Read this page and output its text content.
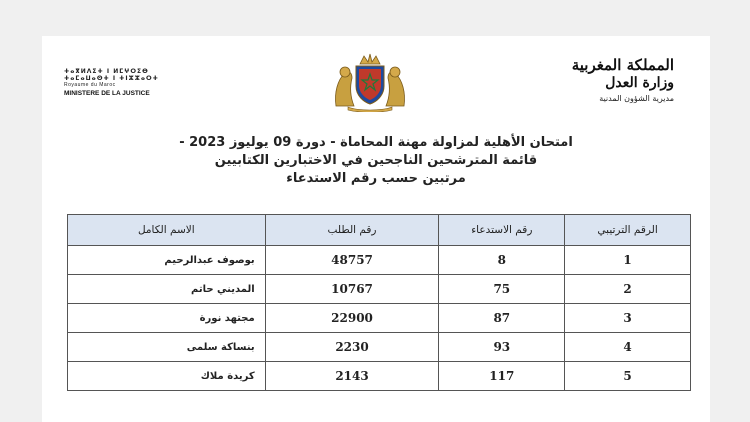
ⵜⴰⴳⵍⴷⵉⵜ ⵏ ⵍⵎⵖⵔⵉⴱ
ⵜⴰⵎⴰⵡⴰⵙⵜ ⵏ ⵜⵏⵣⵣⴰⵔⵜ
Royaume du Maroc
MINISTERE DE LA JUSTICE
المملكة المغربية
وزارة العدل
مديرية الشؤون المدنية
امتحان الأهلية لمزاولة مهنة المحاماة - دورة 09 يوليوز 2023 -
قائمة المترشحين الناجحين في الاختبارين الكتابيين
مرتبين حسب رقم الاستدعاء
الرقم الترتيبي	رقم الاستدعاء	رقم الطلب	الاسم الكامل
1	8	48757	بوصوف عبدالرحيم
2	75	10767	المديني حاتم
3	87	22900	مجتهد نورة
4	93	2230	بنساكة سلمى
5	117	2143	كريدة ملاك
